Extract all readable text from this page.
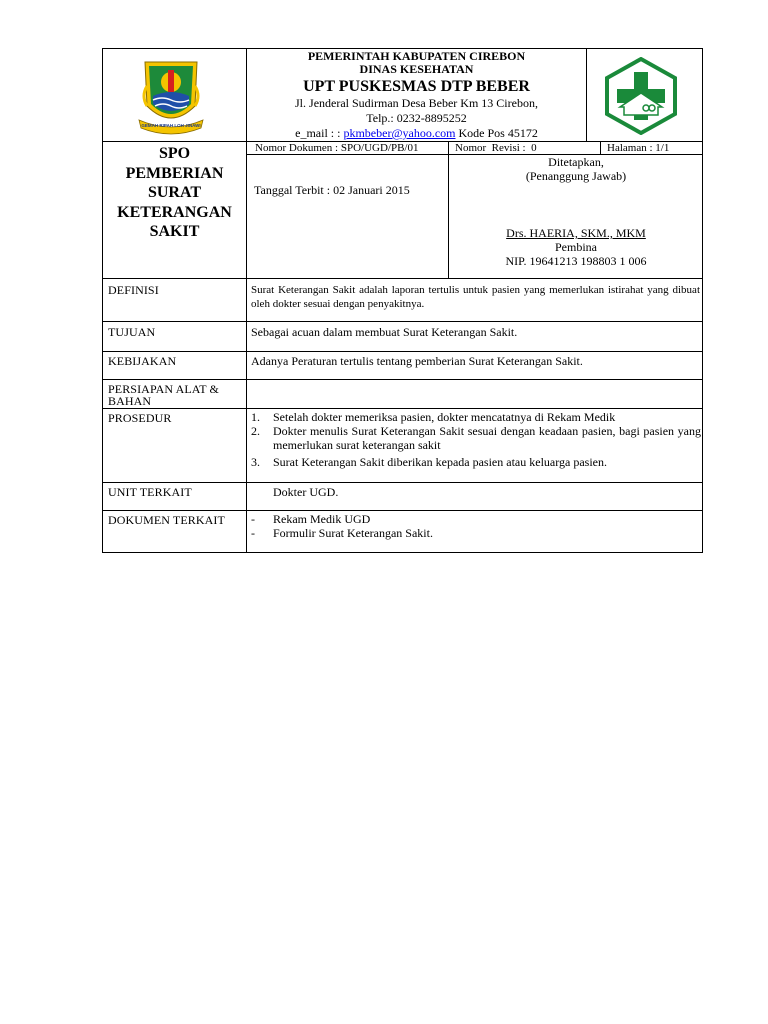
GEMAH RIPAH LOH JINAWI
PEMERINTAH KABUPATEN CIREBON
DINAS KESEHATAN
UPT PUSKESMAS DTP BEBER
Jl. Jenderal Sudirman Desa Beber Km 13 Cirebon,
Telp.: 0232-8895252
e_mail : : pkmbeber@yahoo.com Kode Pos 45172
SPO
PEMBERIAN
SURAT
KETERANGAN
SAKIT
Nomor Dokumen : SPO/UGD/PB/01	Nomor  Revisi :  0	Halaman : 1/1
Tanggal Terbit : 02 Januari 2015
Ditetapkan,
(Penanggung Jawab)
Drs. HAERIA, SKM., MKM
Pembina
NIP. 19641213 198803 1 006
DEFINISI	Surat Keterangan Sakit adalah laporan tertulis untuk pasien yang memerlukan istirahat yang dibuat oleh dokter sesuai dengan penyakitnya.
TUJUAN	Sebagai acuan dalam membuat Surat Keterangan Sakit.
KEBIJAKAN	Adanya Peraturan tertulis tentang pemberian Surat Keterangan Sakit.
PERSIAPAN ALAT &
BAHAN
PROSEDUR	1.	Setelah dokter memeriksa pasien, dokter mencatatnya di Rekam Medik
2.	Dokter menulis Surat Keterangan Sakit sesuai dengan keadaan pasien, bagi pasien yang memerlukan surat keterangan sakit
3.	Surat Keterangan Sakit diberikan kepada pasien atau keluarga pasien.
UNIT TERKAIT	Dokter UGD.
DOKUMEN TERKAIT -	Rekam Medik UGD
-	Formulir Surat Keterangan Sakit.
